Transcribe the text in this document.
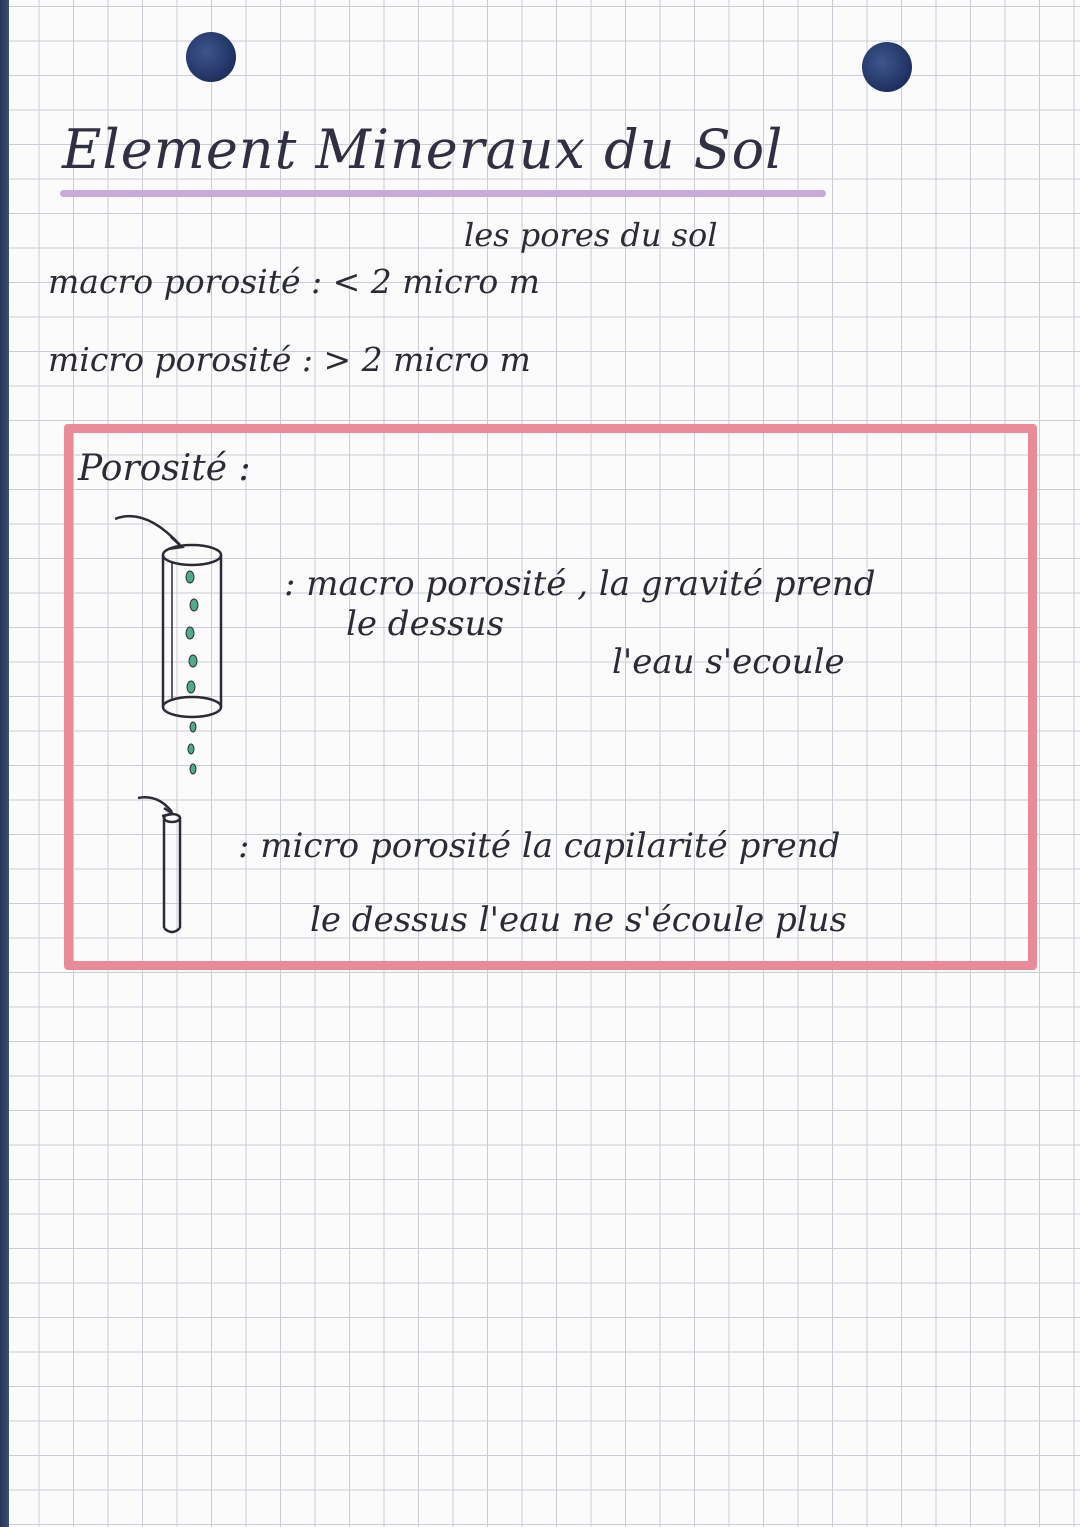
Element Mineraux du Sol
les pores du sol
macro porosité : < 2 micro m
micro porosité : > 2 micro m
Porosité :
: macro porosité , la gravité prend
le dessus
l'eau s'ecoule
: micro porosité la capilarité prend
le dessus l'eau ne s'écoule plus
